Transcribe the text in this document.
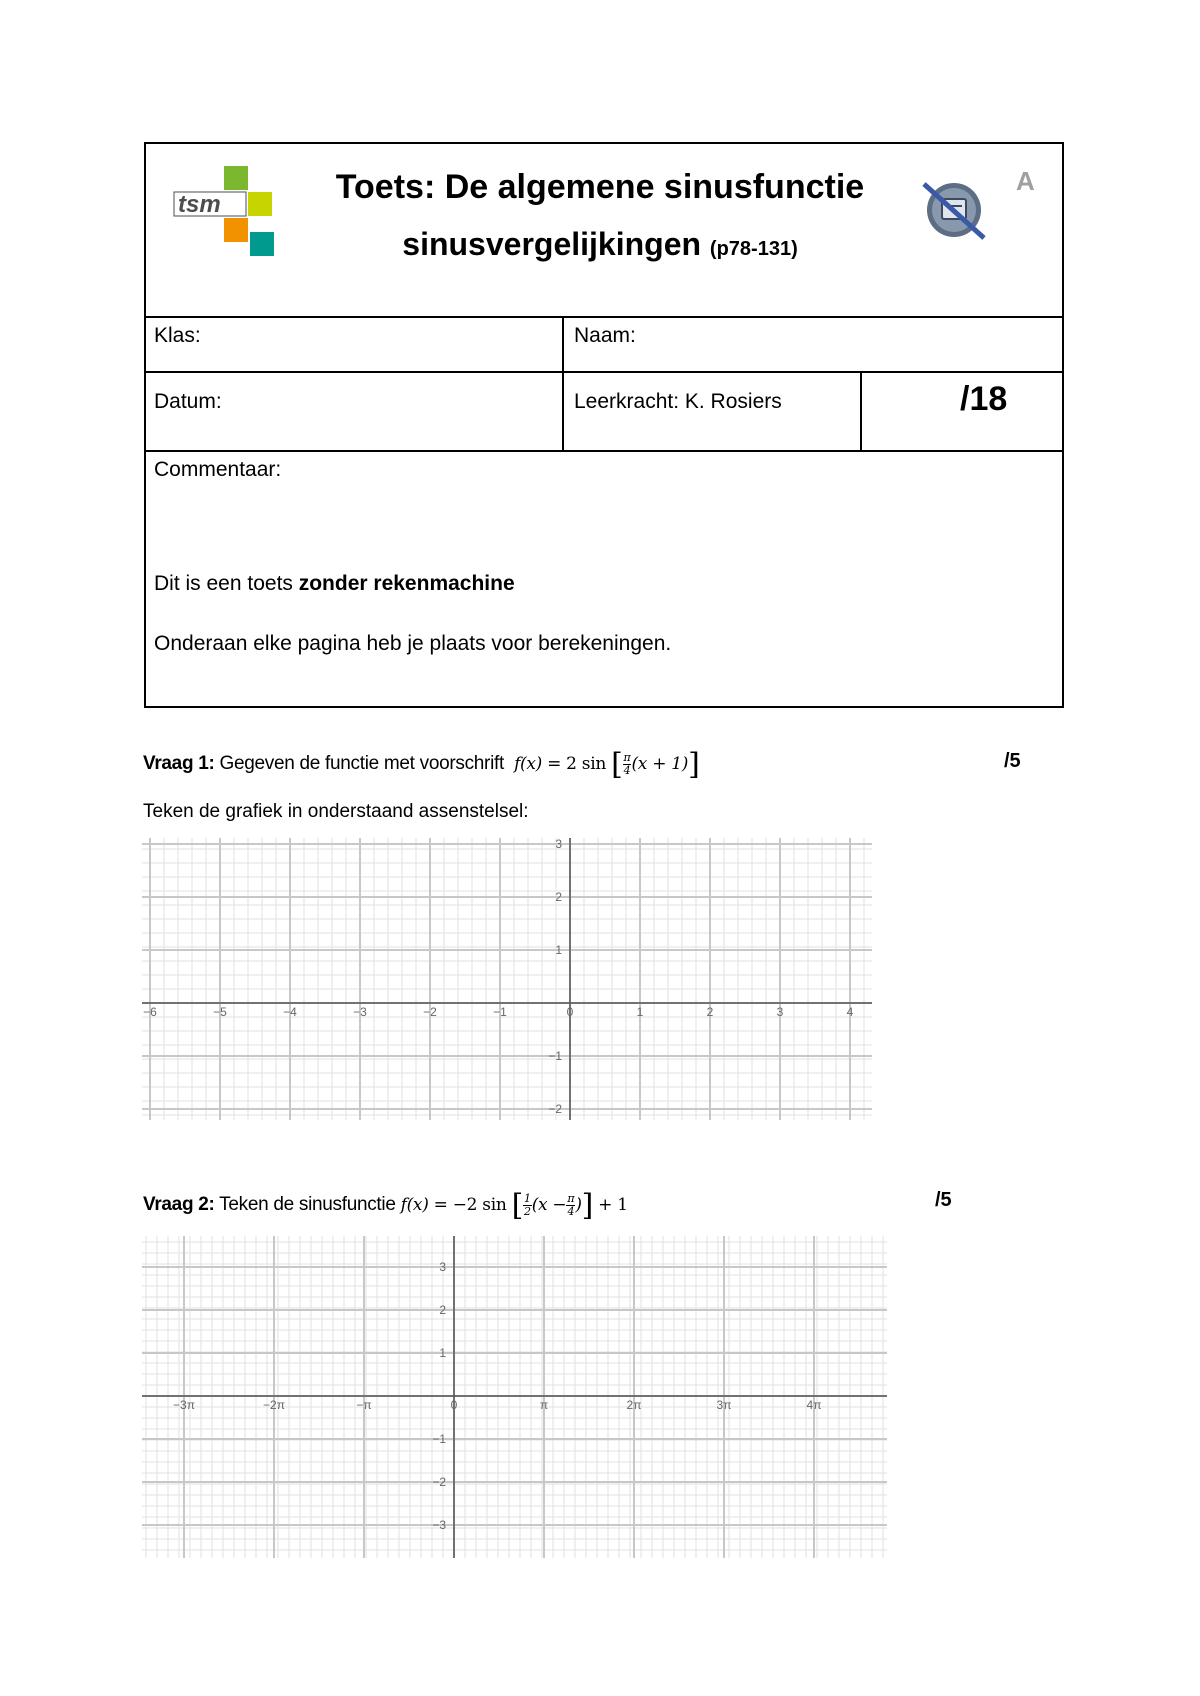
tsm	Toets: De algemene sinusfunctie
sinusvergelijkingen (p78-131)
A
Klas:	Naam:
Datum:	Leerkracht: K. Rosiers	/18
Commentaar:
Dit is een toets zonder rekenmachine
Onderaan elke pagina heb je plaats voor berekeningen.
Vraag 1: Gegeven de functie met voorschrift f(x) = 2 sin [ $\frac{\pi}{4} (x + 1)$]	/5
Teken de grafiek in onderstaand assenstelsel:
−6	−5	−4	−3	−2	−1	0	1	2	3	4
3
2
1
−1
−2
Vraag 2: Teken de sinusfunctie f(x) = −2 sin [ $\frac{1}{2} (x - \frac{\pi}{4}$ )] + 1	/5
−3π	−2π	−π	0	π	2π	3π	4π
3
2
1
−1
−2
−3
